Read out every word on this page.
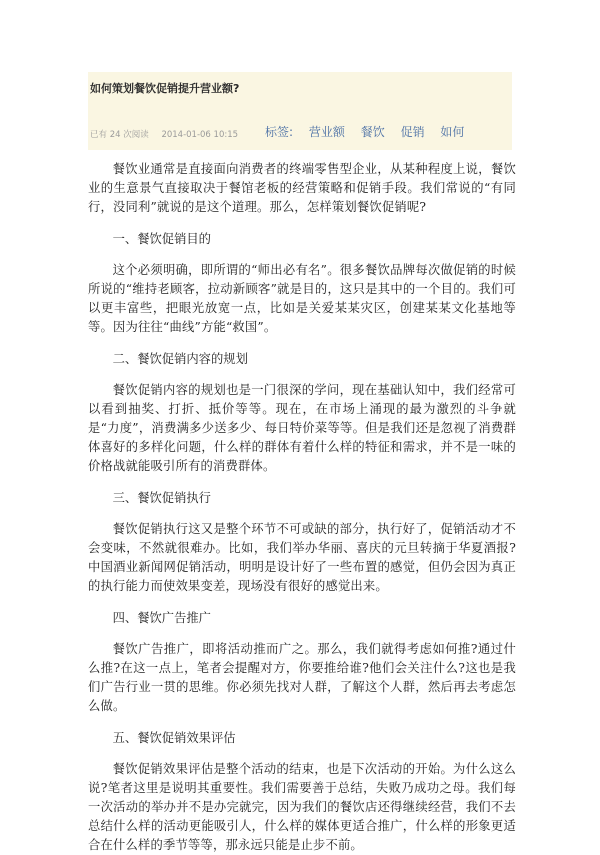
如何策划餐饮促销提升营业额?
已有 24 次阅读 2014-01-06 10:15	标签: 营业额 餐饮 促销 如何

餐饮业通常是直接面向消费者的终端零售型企业，从某种程度上说，餐饮业的生意景气直接取决于餐馆老板的经营策略和促销手段。我们常说的“有同行，没同利”就说的是这个道理。那么，怎样策划餐饮促销呢?

一、餐饮促销目的

这个必须明确，即所谓的“师出必有名”。很多餐饮品牌每次做促销的时候所说的“维持老顾客，拉动新顾客”就是目的，这只是其中的一个目的。我们可以更丰富些，把眼光放宽一点，比如是关爱某某灾区，创建某某文化基地等等。因为往往“曲线”方能“救国”。

二、餐饮促销内容的规划

餐饮促销内容的规划也是一门很深的学问，现在基础认知中，我们经常可以看到抽奖、打折、抵价等等。现在，在市场上涌现的最为激烈的斗争就是“力度”，消费满多少送多少、每日特价菜等等。但是我们还是忽视了消费群体喜好的多样化问题，什么样的群体有着什么样的特征和需求，并不是一味的价格战就能吸引所有的消费群体。

三、餐饮促销执行

餐饮促销执行这又是整个环节不可或缺的部分，执行好了，促销活动才不会变味，不然就很难办。比如，我们举办华丽、喜庆的元旦转摘于华夏酒报?中国酒业新闻网促销活动，明明是设计好了一些布置的感觉，但仍会因为真正的执行能力而使效果变差，现场没有很好的感觉出来。

四、餐饮广告推广

餐饮广告推广，即将活动推而广之。那么，我们就得考虑如何推?通过什么推?在这一点上，笔者会提醒对方，你要推给谁?他们会关注什么?这也是我们广告行业一贯的思维。你必须先找对人群，了解这个人群，然后再去考虑怎么做。

五、餐饮促销效果评估

餐饮促销效果评估是整个活动的结束，也是下次活动的开始。为什么这么说?笔者这里是说明其重要性。我们需要善于总结，失败乃成功之母。我们每一次活动的举办并不是办完就完，因为我们的餐饮店还得继续经营，我们不去总结什么样的活动更能吸引人，什么样的媒体更适合推广，什么样的形象更适合在什么样的季节等等，那永远只能是止步不前。
